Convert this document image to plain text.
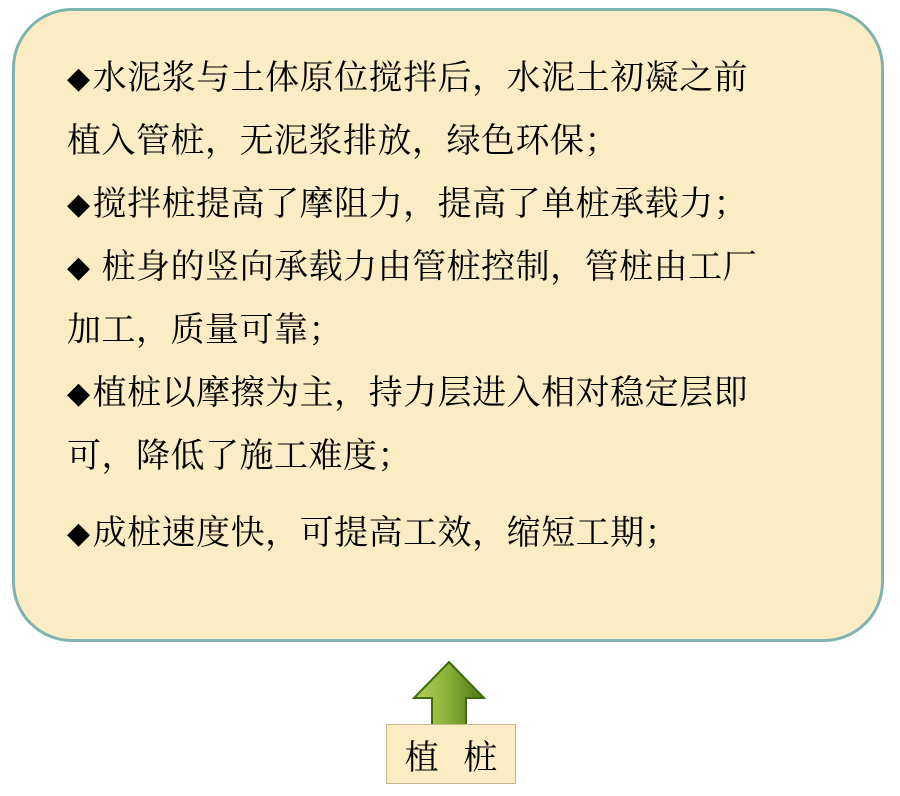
◆水泥浆与土体原位搅拌后，水泥土初凝之前
植入管桩，无泥浆排放，绿色环保；
◆搅拌桩提高了摩阻力，提高了单桩承载力；
◆ 桩身的竖向承载力由管桩控制，管桩由工厂
加工，质量可靠；
◆植桩以摩擦为主，持力层进入相对稳定层即
可，降低了施工难度；
◆成桩速度快，可提高工效，缩短工期；
植 桩
